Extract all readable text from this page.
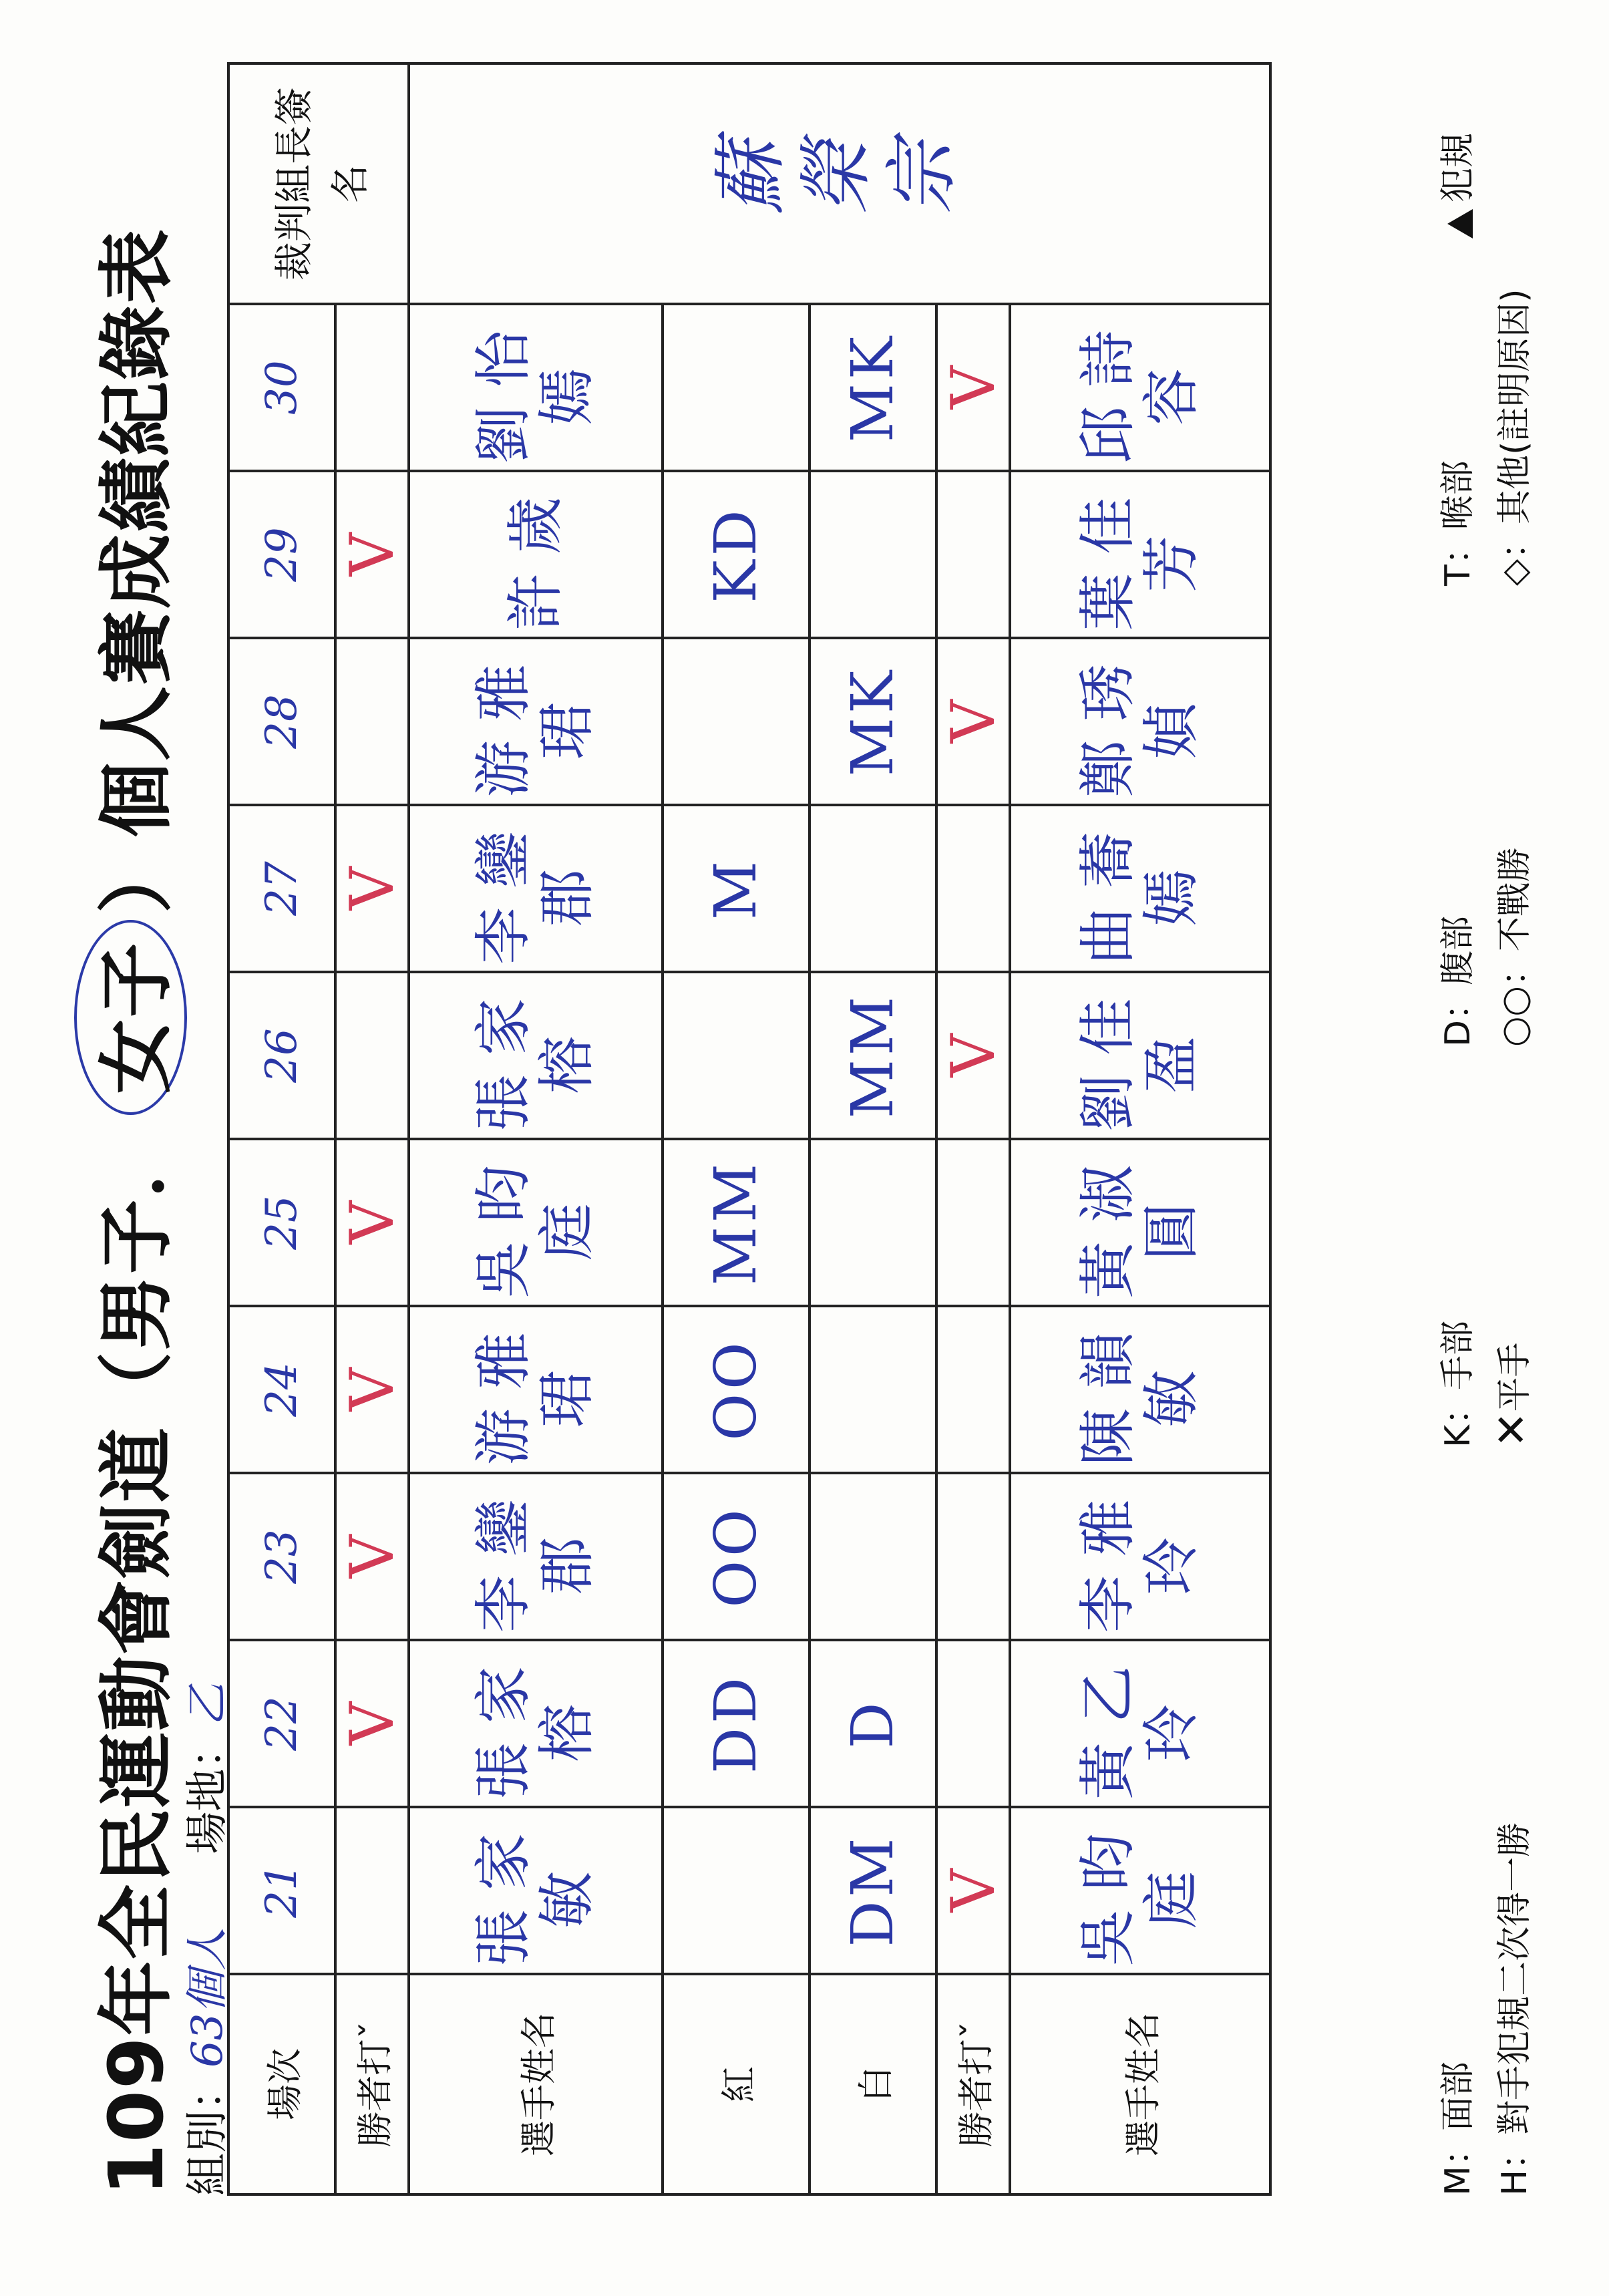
109年全民運動會劍道（男子．
女子
）個人賽成績紀錄表
組別：
63個人
場地：
乙
場次	21	22	23	24	25	26	27	28	29	30	裁判組長簽名
勝者打ˇ		V	V	V	V		V		V		
選手姓名	張家敏	張家榕	李鑾郡	游雅珺	吳昀庭	張家榕	李鑾郡	游雅珺	許歲	劉怡嫣	蘇榮宗
紅		DD	OO	OO	MM		M		KD		
白	DM	D				MM		MK		MK	
勝者打ˇ	V					V		V		V	
選手姓名	吳昀庭	黃乙玲	李雅玲	陳韻敏	黃淑圓	劉佳盈	曲蕎嫣	鄭琇媜	葉佳芳	邱詩容	
M：面部
K：手部
D：腹部
T：喉部
犯規
H：對手犯規二次得一勝
✕平手
○○：不戰勝
◇：其他(註明原因)
